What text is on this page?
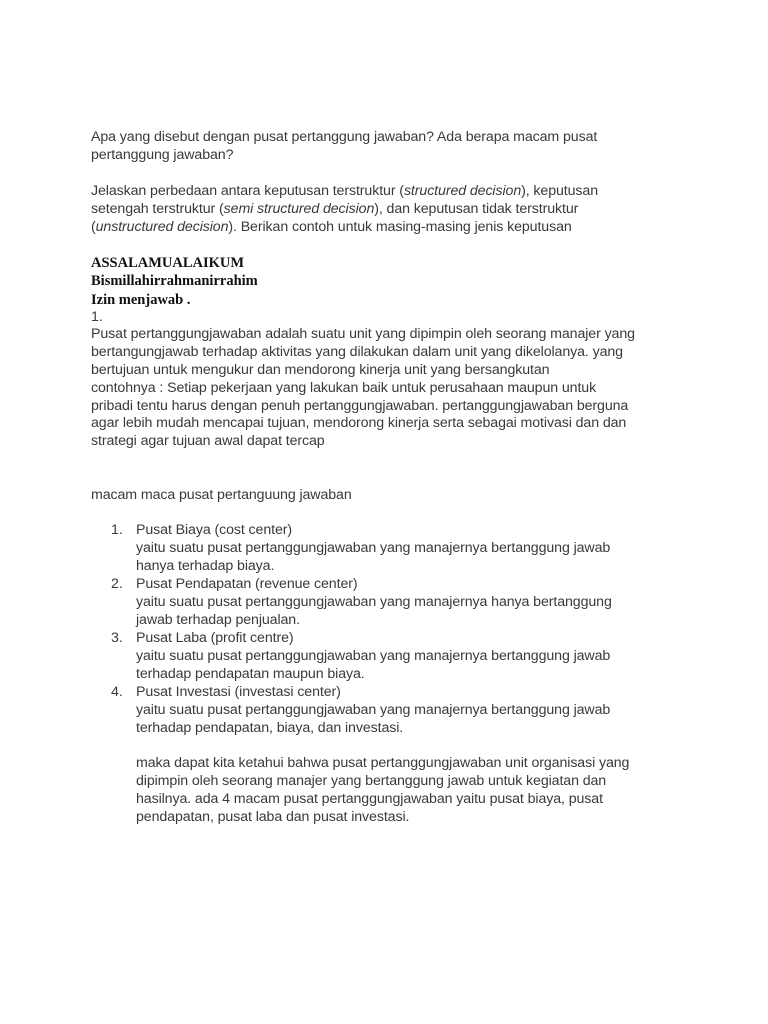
Apa yang disebut dengan pusat pertanggung jawaban? Ada berapa macam pusat
pertanggung jawaban?
Jelaskan perbedaan antara keputusan terstruktur (structured decision), keputusan
setengah terstruktur (semi structured decision), dan keputusan tidak terstruktur
(unstructured decision). Berikan contoh untuk masing-masing jenis keputusan
ASSALAMUALAIKUM
Bismillahirrahmanirrahim
Izin menjawab .
1.
Pusat pertanggungjawaban adalah suatu unit yang dipimpin oleh seorang manajer yang
bertangungjawab terhadap aktivitas yang dilakukan dalam unit yang dikelolanya. yang
bertujuan untuk mengukur dan mendorong kinerja unit yang bersangkutan
contohnya : Setiap pekerjaan yang lakukan baik untuk perusahaan maupun untuk
pribadi tentu harus dengan penuh pertanggungjawaban. pertanggungjawaban berguna
agar lebih mudah mencapai tujuan, mendorong kinerja serta sebagai motivasi dan dan
strategi agar tujuan awal dapat tercap
macam maca pusat pertanguung jawaban
1. Pusat Biaya (cost center)
yaitu suatu pusat pertanggungjawaban yang manajernya bertanggung jawab
hanya terhadap biaya.
2. Pusat Pendapatan (revenue center)
yaitu suatu pusat pertanggungjawaban yang manajernya hanya bertanggung
jawab terhadap penjualan.
3. Pusat Laba (profit centre)
yaitu suatu pusat pertanggungjawaban yang manajernya bertanggung jawab
terhadap pendapatan maupun biaya.
4. Pusat Investasi (investasi center)
yaitu suatu pusat pertanggungjawaban yang manajernya bertanggung jawab
terhadap pendapatan, biaya, dan investasi.
maka dapat kita ketahui bahwa pusat pertanggungjawaban unit organisasi yang
dipimpin oleh seorang manajer yang bertanggung jawab untuk kegiatan dan
hasilnya. ada 4 macam pusat pertanggungjawaban yaitu pusat biaya, pusat
pendapatan, pusat laba dan pusat investasi.
